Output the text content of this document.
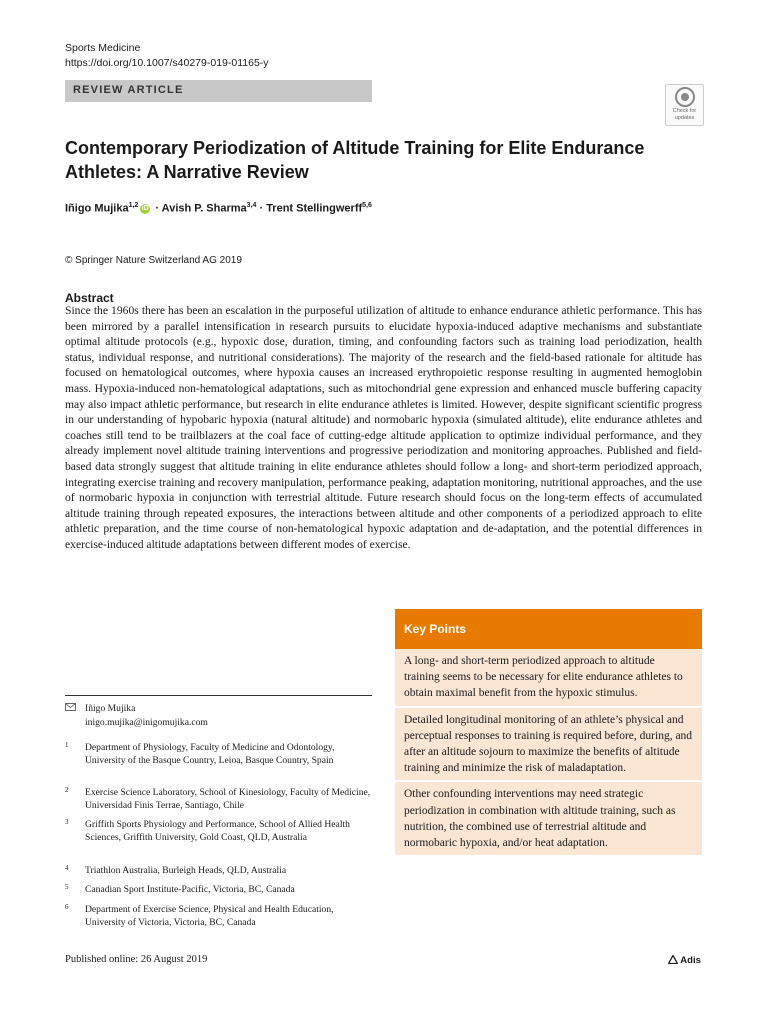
Sports Medicine
https://doi.org/10.1007/s40279-019-01165-y
REVIEW ARTICLE
Check for
updates
Contemporary Periodization of Altitude Training for Elite Endurance Athletes: A Narrative Review
Iñigo Mujika$^{1,2}$ iD · Avish P. Sharma$^{3,4}$ · Trent Stellingwerff$^{5,6}$
© Springer Nature Switzerland AG 2019
Abstract
Since the 1960s there has been an escalation in the purposeful utilization of altitude to enhance endurance athletic performance. This has been mirrored by a parallel intensification in research pursuits to elucidate hypoxia-induced adaptive mechanisms and substantiate optimal altitude protocols (e.g., hypoxic dose, duration, timing, and confounding factors such as training load periodization, health status, individual response, and nutritional considerations). The majority of the research and the field-based rationale for altitude has focused on hematological outcomes, where hypoxia causes an increased erythropoietic response resulting in augmented hemoglobin mass. Hypoxia-induced non-hematological adaptations, such as mitochondrial gene expression and enhanced muscle buffering capacity may also impact athletic performance, but research in elite endurance athletes is limited. However, despite significant scientific progress in our understanding of hypobaric hypoxia (natural altitude) and normobaric hypoxia (simulated altitude), elite endurance athletes and coaches still tend to be trailblazers at the coal face of cutting-edge altitude application to optimize individual performance, and they already implement novel altitude training interventions and progressive periodization and monitoring approaches. Published and field-based data strongly suggest that altitude training in elite endurance athletes should follow a long- and short-term periodized approach, integrating exercise training and recovery manipulation, performance peaking, adaptation monitoring, nutritional approaches, and the use of normobaric hypoxia in conjunction with terrestrial altitude. Future research should focus on the long-term effects of accumulated altitude training through repeated exposures, the interactions between altitude and other components of a periodized approach to elite athletic preparation, and the time course of non-hematological hypoxic adaptation and de-adaptation, and the potential differences in exercise-induced altitude adaptations between different modes of exercise.
Key Points
A long- and short-term periodized approach to altitude training seems to be necessary for elite endurance athletes to obtain maximal benefit from the hypoxic stimulus.
Detailed longitudinal monitoring of an athlete’s physical and perceptual responses to training is required before, during, and after an altitude sojourn to maximize the benefits of altitude training and minimize the risk of maladaptation.
Other confounding interventions may need strategic periodization in combination with altitude training, such as nutrition, the combined use of terrestrial altitude and normobaric hypoxia, and/or heat adaptation.
Iñigo Mujika
inigo.mujika@inigomujika.com
1 Department of Physiology, Faculty of Medicine and Odontology, University of the Basque Country, Leioa, Basque Country, Spain
2 Exercise Science Laboratory, School of Kinesiology, Faculty of Medicine, Universidad Finis Terrae, Santiago, Chile
3 Griffith Sports Physiology and Performance, School of Allied Health Sciences, Griffith University, Gold Coast, QLD, Australia
4 Triathlon Australia, Burleigh Heads, QLD, Australia
5 Canadian Sport Institute-Pacific, Victoria, BC, Canada
6 Department of Exercise Science, Physical and Health Education, University of Victoria, Victoria, BC, Canada
Published online: 26 August 2019	Adis
